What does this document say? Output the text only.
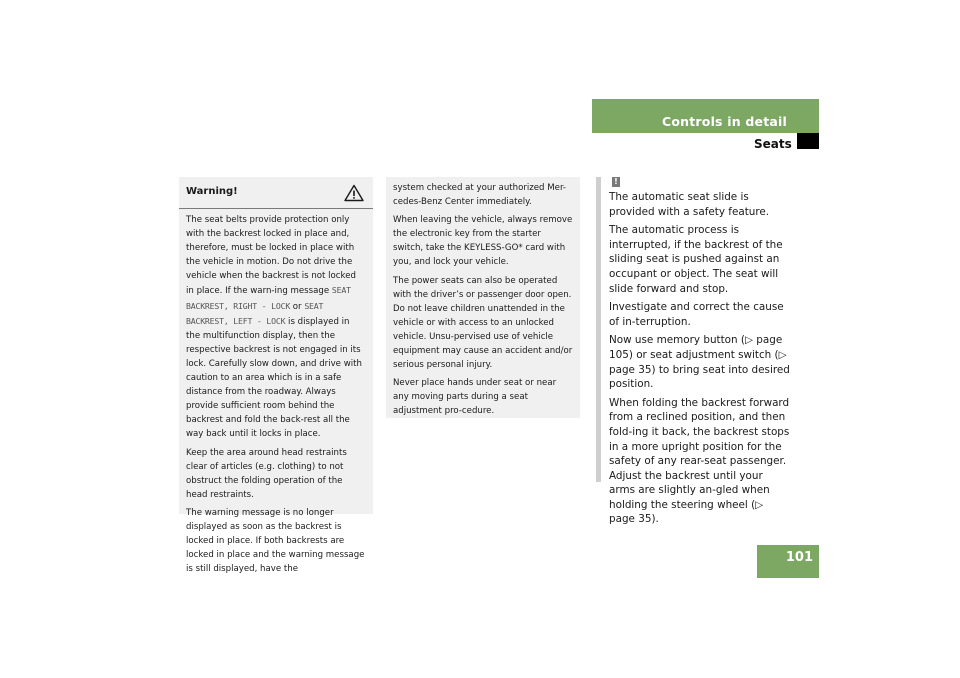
Controls in detail
Seats
Warning!

The seat belts provide protection only with the backrest locked in place and, therefore, must be locked in place with the vehicle in motion. Do not drive the vehicle when the backrest is not locked in place. If the warn-ing message SEAT BACKREST, RIGHT - LOCK or SEAT BACKREST, LEFT - LOCK is displayed in the multifunction display, then the respective backrest is not engaged in its lock. Carefully slow down, and drive with caution to an area which is in a safe distance from the roadway. Always provide sufficient room behind the backrest and fold the back-rest all the way back until it locks in place.

Keep the area around head restraints clear of articles (e.g. clothing) to not obstruct the folding operation of the head restraints.

The warning message is no longer displayed as soon as the backrest is locked in place. If both backrests are locked in place and the warning message is still displayed, have the

system checked at your authorized Mer-cedes-Benz Center immediately.

When leaving the vehicle, always remove the electronic key from the starter switch, take the KEYLESS-GO* card with you, and lock your vehicle.

The power seats can also be operated with the driver’s or passenger door open. Do not leave children unattended in the vehicle or with access to an unlocked vehicle. Unsu-pervised use of vehicle equipment may cause an accident and/or serious personal injury.

Never place hands under seat or near any moving parts during a seat adjustment pro-cedure.

!

The automatic seat slide is provided with a safety feature.

The automatic process is interrupted, if the backrest of the sliding seat is pushed against an occupant or object. The seat will slide forward and stop.

Investigate and correct the cause of in-terruption.

Now use memory button (▷ page 105) or seat adjustment switch (▷ page 35) to bring seat into desired position.

When folding the backrest forward from a reclined position, and then fold-ing it back, the backrest stops in a more upright position for the safety of any rear-seat passenger. Adjust the backrest until your arms are slightly an-gled when holding the steering wheel (▷ page 35).

101
